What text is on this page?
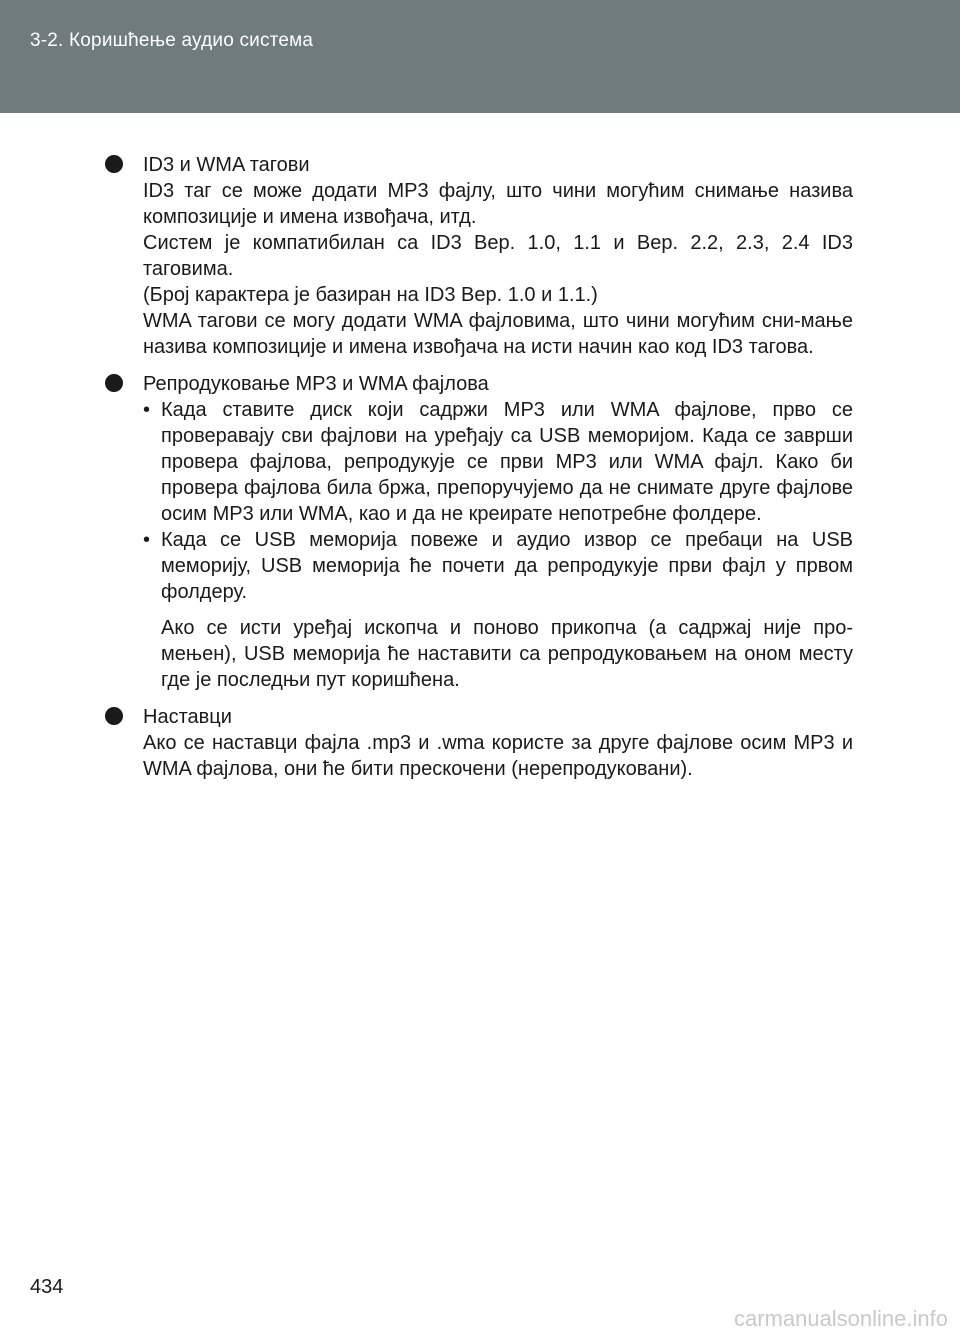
3-2. Коришћење аудио система
ID3 и WMA тагови
ID3 таг се може додати MP3 фајлу, што чини могућим снимање назива композиције и имена извођача, итд.
Систем је компатибилан са ID3 Вер. 1.0, 1.1 и Вер. 2.2, 2.3, 2.4 ID3 таговима.
(Број карактера је базиран на ID3 Вер. 1.0 и 1.1.)
WMA тагови се могу додати WMA фајловима, што чини могућим сни-мање назива композиције и имена извођача на исти начин као код ID3 тагова.
Репродуковање MP3 и WMA фајлова
• Када ставите диск који садржи MP3 или WMA фајлове, прво се проверавају сви фајлови на уређају са USB меморијом. Када се заврши провера фајлова, репродукује се први MP3 или WMA фајл. Како би провера фајлова била бржа, препоручујемо да не снимате друге фајлове осим MP3 или WMA, као и да не креирате непотребне фолдере.
• Када се USB меморија повеже и аудио извор се пребаци на USB меморију, USB меморија ће почети да репродукује први фајл у првом фолдеру.
Ако се исти уређај ископча и поново прикопча (а садржај није про-мењен), USB меморија ће наставити са репродуковањем на оном месту где је последњи пут коришћена.
Наставци
Ако се наставци фајла .mp3 и .wma користе за друге фајлове осим MP3 и WMA фајлова, они ће бити прескочени (нерепродуковани).
434
carmanualsonline.info
